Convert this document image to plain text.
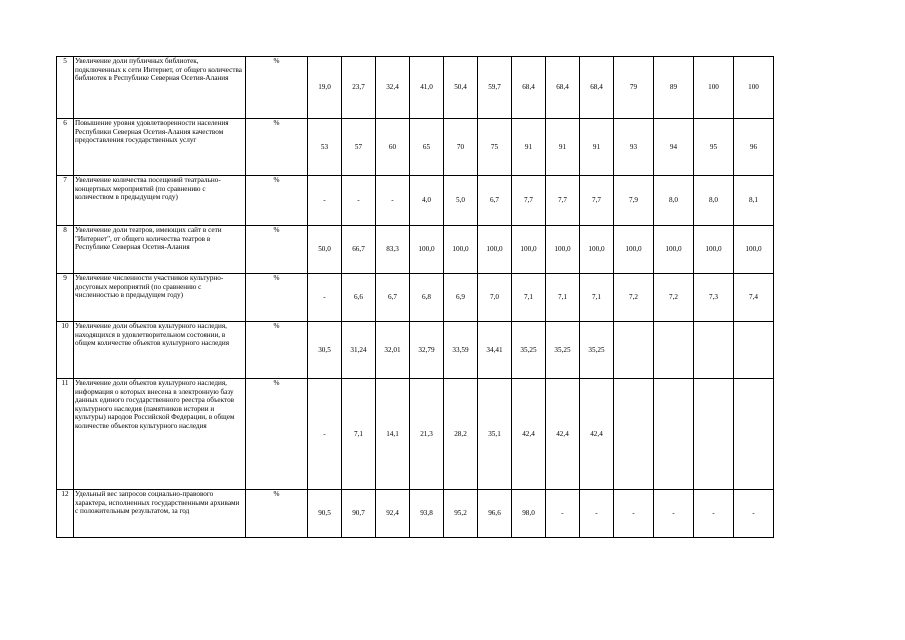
5	Увеличение доли публичных библиотек, подключенных к сети Интернет, от общего количества библиотек в Республике Северная Осетия-Алания	%	19,0	23,7	32,4	41,0	50,4	59,7	68,4	68,4	68,4	79	89	100	100
6	Повышение уровня удовлетворенности населения Республики Северная Осетия-Алания качеством предоставления государственных услуг	%	53	57	60	65	70	75	91	91	91	93	94	95	96
7	Увеличение количества посещений театрально-концертных мероприятий (по сравнению с количеством в предыдущем году)	%	-	-	-	4,0	5,0	6,7	7,7	7,7	7,7	7,9	8,0	8,0	8,1
8	Увеличение доли театров, имеющих сайт в сети "Интернет", от общего количества театров в Республике Северная Осетия-Алания	%	50,0	66,7	83,3	100,0	100,0	100,0	100,0	100,0	100,0	100,0	100,0	100,0	100,0
9	Увеличение численности участников культурно-досуговых мероприятий (по сравнению с численностью в предыдущем году)	%	-	6,6	6,7	6,8	6,9	7,0	7,1	7,1	7,1	7,2	7,2	7,3	7,4
10	Увеличение доли объектов культурного наследия, находящихся в удовлетворительном состоянии, в общем количестве объектов культурного наследия	%	30,5	31,24	32,01	32,79	33,59	34,41	35,25	35,25	35,25				
11	Увеличение доли объектов культурного наследия, информация о которых внесена в электронную базу данных единого государственного реестра объектов культурного наследия (памятников истории и культуры) народов Российской Федерации, в общем количестве объектов культурного наследия	%	-	7,1	14,1	21,3	28,2	35,1	42,4	42,4	42,4				
12	Удельный вес запросов социально-правового характера, исполненных государственными архивами с положительным результатом, за год	%	90,5	90,7	92,4	93,8	95,2	96,6	98,0	-	-	-	-	-	-
